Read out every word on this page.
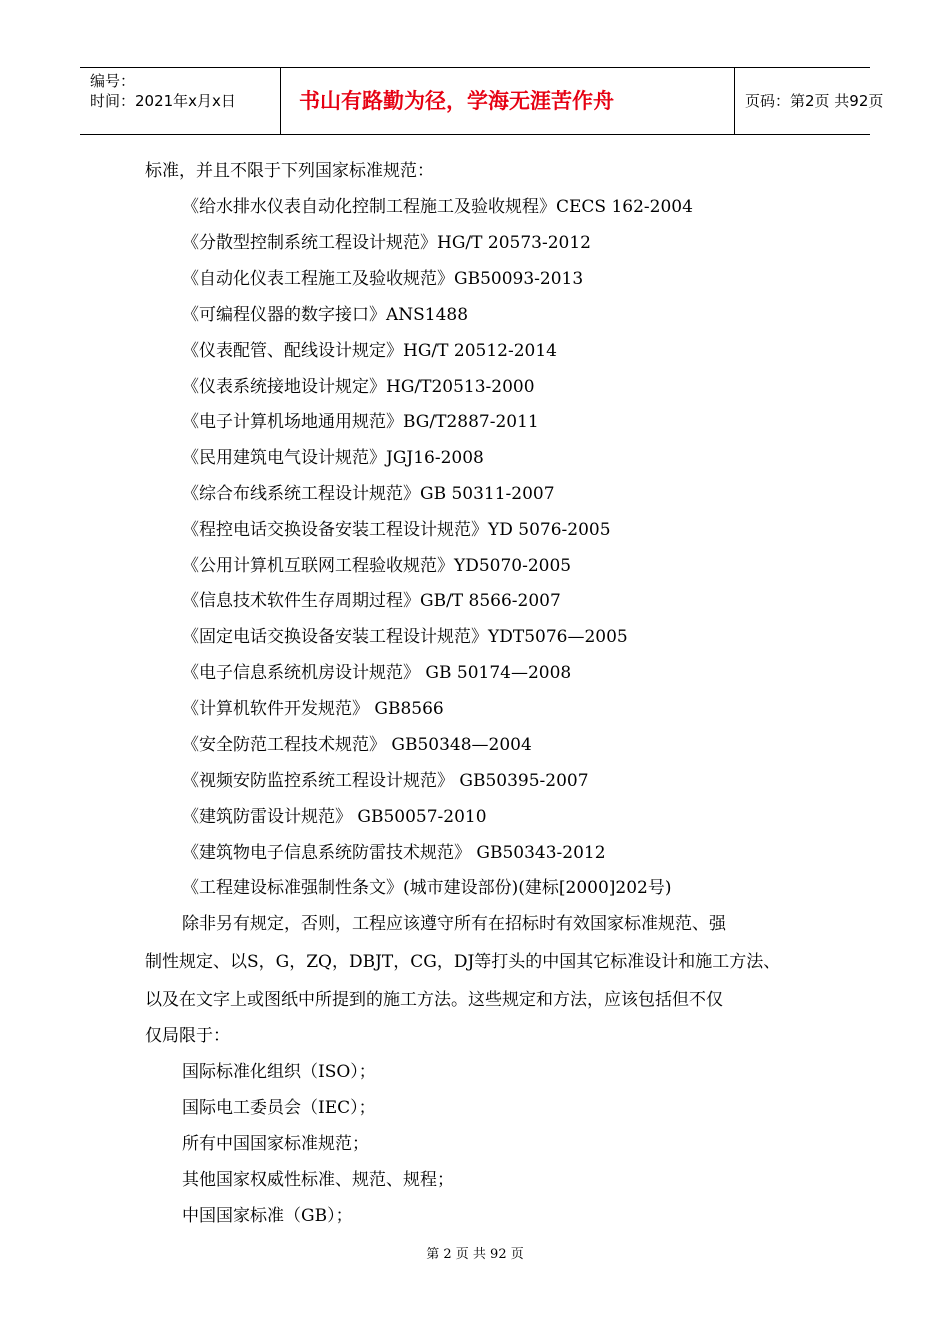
编号：
时间：2021年x月x日	书山有路勤为径，学海无涯苦作舟	页码：第2页 共92页
标准，并且不限于下列国家标准规范：
《给水排水仪表自动化控制工程施工及验收规程》CECS 162-2004
《分散型控制系统工程设计规范》HG/T 20573-2012
《自动化仪表工程施工及验收规范》GB50093-2013
《可编程仪器的数字接口》ANS1488
《仪表配管、配线设计规定》HG/T 20512-2014
《仪表系统接地设计规定》HG/T20513-2000
《电子计算机场地通用规范》BG/T2887-2011
《民用建筑电气设计规范》JGJ16-2008
《综合布线系统工程设计规范》GB 50311-2007
《程控电话交换设备安装工程设计规范》YD 5076-2005
《公用计算机互联网工程验收规范》YD5070-2005
《信息技术软件生存周期过程》GB/T 8566-2007
《固定电话交换设备安装工程设计规范》YDT5076—2005
《电子信息系统机房设计规范》 GB 50174—2008
《计算机软件开发规范》 GB8566
《安全防范工程技术规范》 GB50348—2004
《视频安防监控系统工程设计规范》 GB50395-2007
《建筑防雷设计规范》 GB50057-2010
《建筑物电子信息系统防雷技术规范》 GB50343-2012
《工程建设标准强制性条文》(城市建设部份)(建标[2000]202号)
除非另有规定，否则，工程应该遵守所有在招标时有效国家标准规范、强
制性规定、以S，G，ZQ，DBJT，CG，DJ等打头的中国其它标准设计和施工方法、
以及在文字上或图纸中所提到的施工方法。这些规定和方法，应该包括但不仅
仅局限于：
国际标准化组织（ISO）；
国际电工委员会（IEC）；
所有中国国家标准规范；
其他国家权威性标准、规范、规程；
中国国家标准（GB）；
第 2 页 共 92 页
